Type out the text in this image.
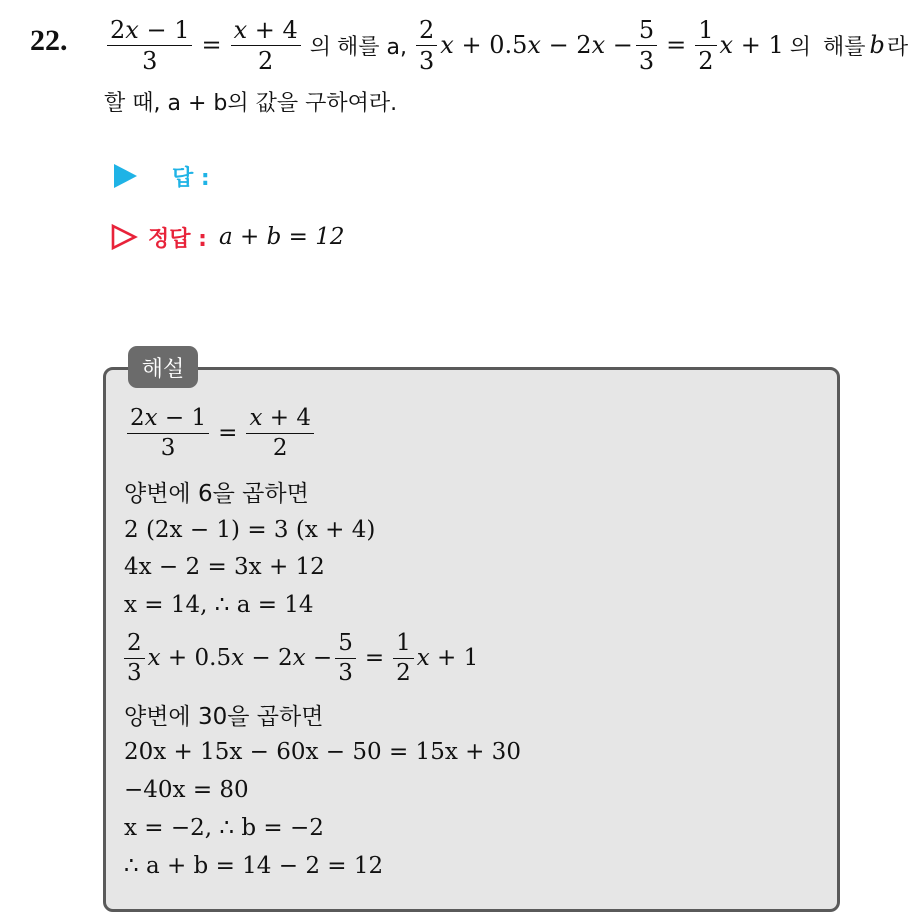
22. $\frac{2x - 1}{3} = \frac{x + 4}{2}$ 의 해를 a, $\frac{2}{3}$ $x + 0.5x - 2x - \frac{5}{3} = \frac{1}{2}$ x + 1 의 해를 b 라
할 때, a + b의 값을 구하여라.
답 :
정답 : a + b = 12
해설
$\frac{2x - 1}{3} = \frac{x + 4}{2}$
양변에 6을 곱하면
2 (2x − 1) = 3 (x + 4)
4x − 2 = 3x + 12
x = 14, ∴ a = 14
$\frac{2}{3}$ $x + 0.5x - 2x - \frac{5}{3} = \frac{1}{2}$ x + 1
양변에 30을 곱하면
20x + 15x − 60x − 50 = 15x + 30
−40x = 80
x = −2, ∴ b = −2
∴ a + b = 14 − 2 = 12
